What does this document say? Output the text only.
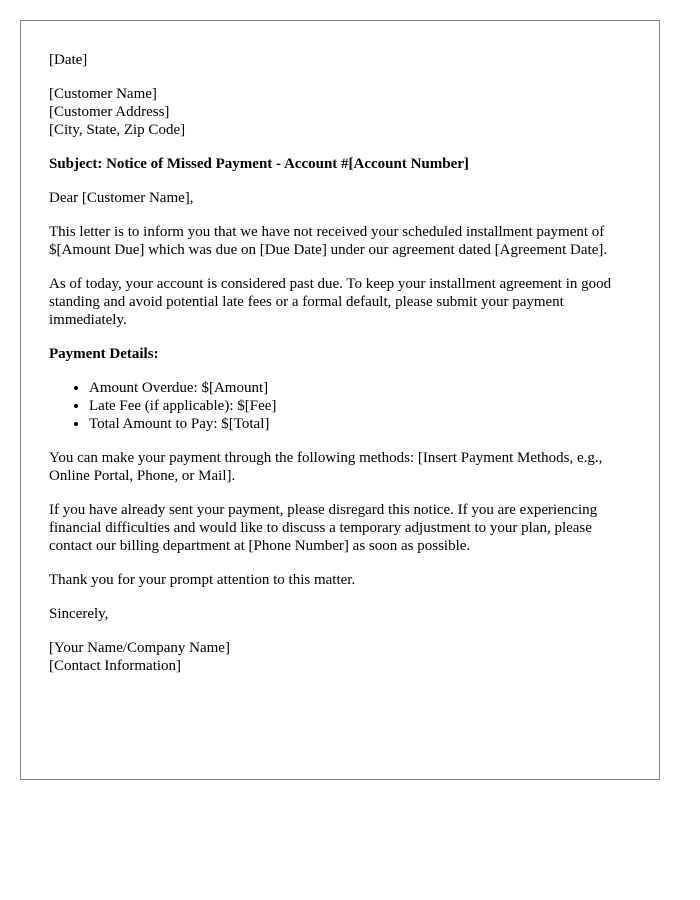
[Date]
[Customer Name]
[Customer Address]
[City, State, Zip Code]
Subject: Notice of Missed Payment - Account #[Account Number]
Dear [Customer Name],

This letter is to inform you that we have not received your scheduled installment payment of $[Amount Due] which was due on [Due Date] under our agreement dated [Agreement Date].

As of today, your account is considered past due. To keep your installment agreement in good standing and avoid potential late fees or a formal default, please submit your payment immediately.

Payment Details:
• Amount Overdue: $[Amount]
• Late Fee (if applicable): $[Fee]
• Total Amount to Pay: $[Total]

You can make your payment through the following methods: [Insert Payment Methods, e.g., Online Portal, Phone, or Mail].

If you have already sent your payment, please disregard this notice. If you are experiencing financial difficulties and would like to discuss a temporary adjustment to your plan, please contact our billing department at [Phone Number] as soon as possible.

Thank you for your prompt attention to this matter.

Sincerely,
[Your Name/Company Name]
[Contact Information]
